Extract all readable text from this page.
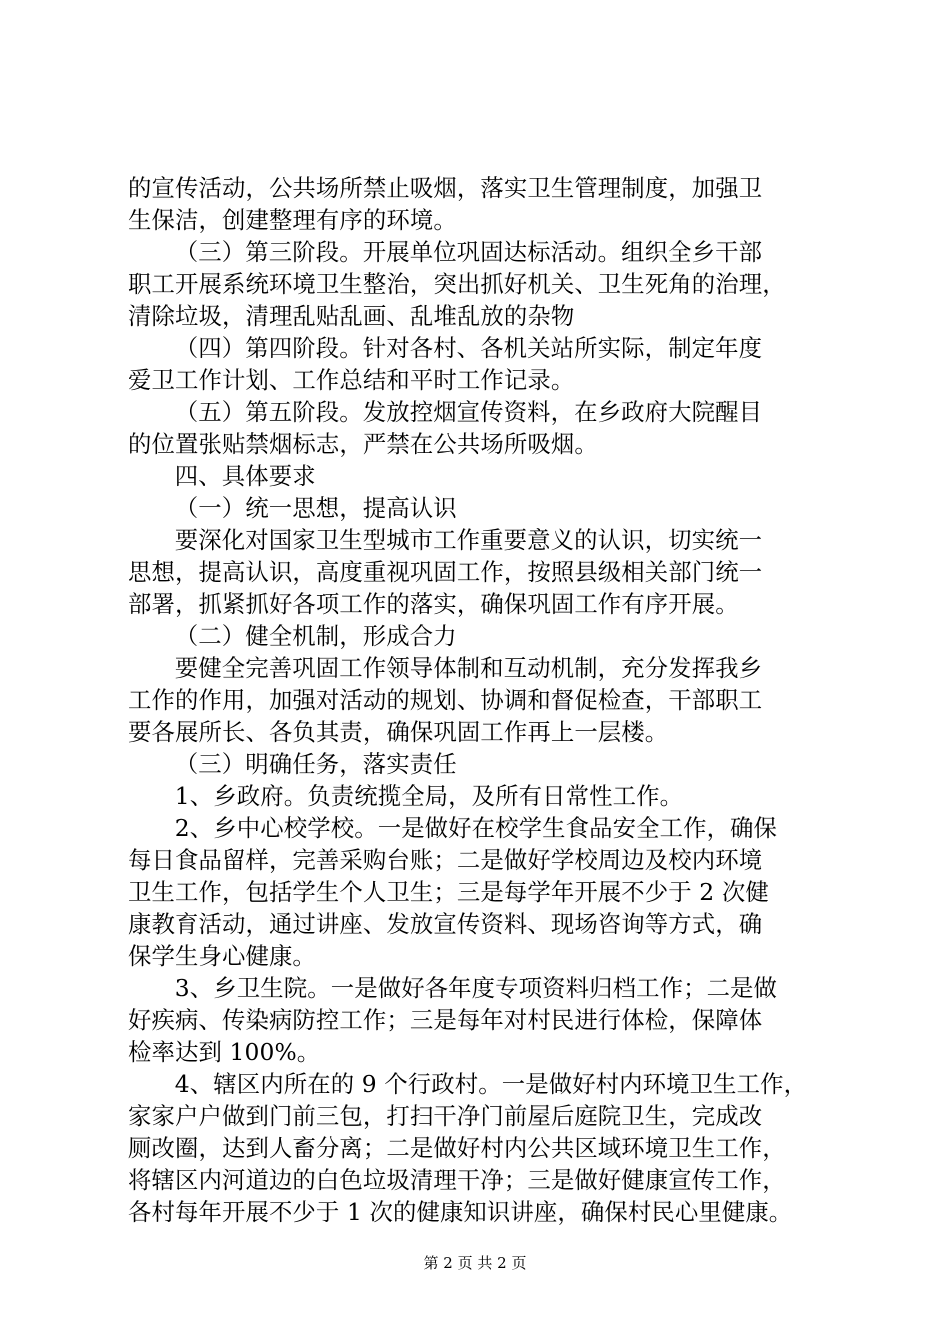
的宣传活动，公共场所禁止吸烟，落实卫生管理制度，加强卫
生保洁，创建整理有序的环境。
（三）第三阶段。开展单位巩固达标活动。组织全乡干部
职工开展系统环境卫生整治，突出抓好机关、卫生死角的治理，
清除垃圾，清理乱贴乱画、乱堆乱放的杂物
（四）第四阶段。针对各村、各机关站所实际，制定年度
爱卫工作计划、工作总结和平时工作记录。
（五）第五阶段。发放控烟宣传资料，在乡政府大院醒目
的位置张贴禁烟标志，严禁在公共场所吸烟。
四、具体要求
（一）统一思想，提高认识
要深化对国家卫生型城市工作重要意义的认识，切实统一
思想，提高认识，高度重视巩固工作，按照县级相关部门统一
部署，抓紧抓好各项工作的落实，确保巩固工作有序开展。
（二）健全机制，形成合力
要健全完善巩固工作领导体制和互动机制，充分发挥我乡
工作的作用，加强对活动的规划、协调和督促检查，干部职工
要各展所长、各负其责，确保巩固工作再上一层楼。
（三）明确任务，落实责任
1、乡政府。负责统揽全局，及所有日常性工作。
2、乡中心校学校。一是做好在校学生食品安全工作，确保
每日食品留样，完善采购台账；二是做好学校周边及校内环境
卫生工作，包括学生个人卫生；三是每学年开展不少于 2 次健
康教育活动，通过讲座、发放宣传资料、现场咨询等方式，确
保学生身心健康。
3、乡卫生院。一是做好各年度专项资料归档工作；二是做
好疾病、传染病防控工作；三是每年对村民进行体检，保障体
检率达到 100%。
4、辖区内所在的 9 个行政村。一是做好村内环境卫生工作，
家家户户做到门前三包，打扫干净门前屋后庭院卫生，完成改
厕改圈，达到人畜分离；二是做好村内公共区域环境卫生工作，
将辖区内河道边的白色垃圾清理干净；三是做好健康宣传工作，
各村每年开展不少于 1 次的健康知识讲座，确保村民心里健康。
第 2 页 共 2 页
